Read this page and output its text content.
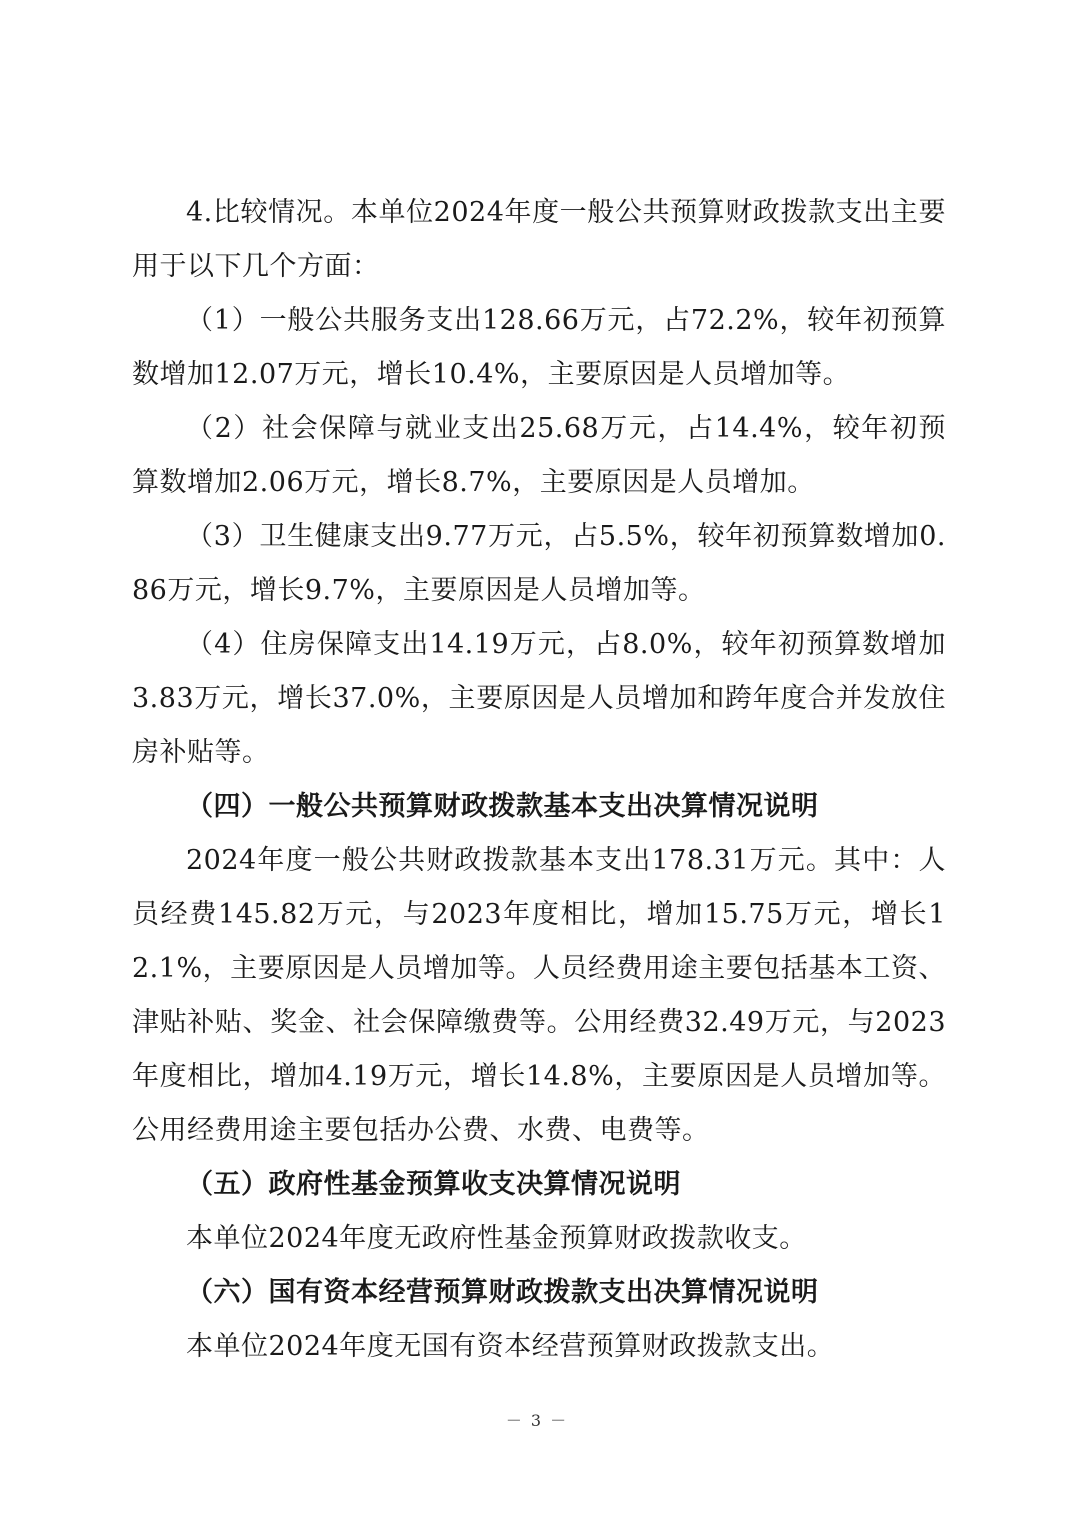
4.比较情况。本单位2024年度一般公共预算财政拨款支出主要用于以下几个方面：

（1）一般公共服务支出128.66万元，占72.2%，较年初预算数增加12.07万元，增长10.4%，主要原因是人员增加等。

（2）社会保障与就业支出25.68万元，占14.4%，较年初预算数增加2.06万元，增长8.7%，主要原因是人员增加。

（3）卫生健康支出9.77万元，占5.5%，较年初预算数增加0.86万元，增长9.7%，主要原因是人员增加等。

（4）住房保障支出14.19万元，占8.0%，较年初预算数增加3.83万元，增长37.0%，主要原因是人员增加和跨年度合并发放住房补贴等。

（四）一般公共预算财政拨款基本支出决算情况说明

2024年度一般公共财政拨款基本支出178.31万元。其中：人员经费145.82万元，与2023年度相比，增加15.75万元，增长12.1%，主要原因是人员增加等。人员经费用途主要包括基本工资、津贴补贴、奖金、社会保障缴费等。公用经费32.49万元，与2023年度相比，增加4.19万元，增长14.8%，主要原因是人员增加等。公用经费用途主要包括办公费、水费、电费等。

（五）政府性基金预算收支决算情况说明

本单位2024年度无政府性基金预算财政拨款收支。

（六）国有资本经营预算财政拨款支出决算情况说明

本单位2024年度无国有资本经营预算财政拨款支出。

－ 3 －
